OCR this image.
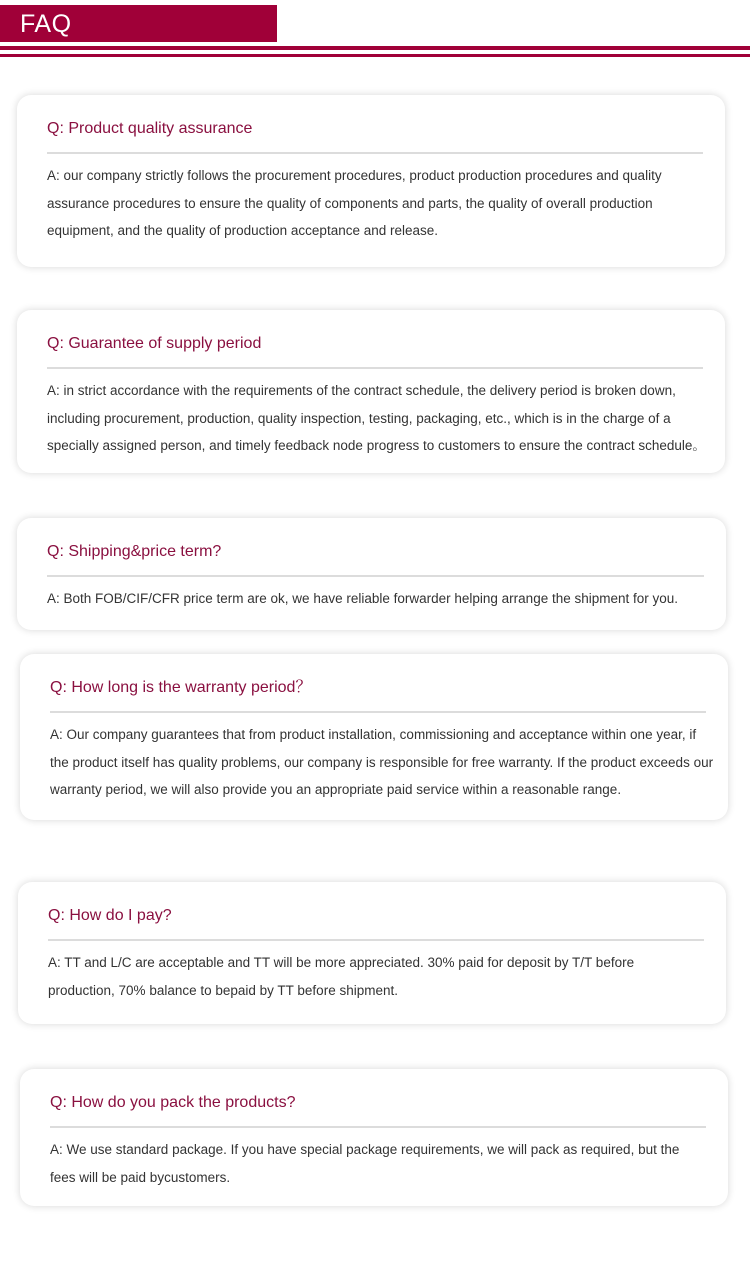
FAQ
Q: Product quality assurance
A: our company strictly follows the procurement procedures, product production procedures and quality assurance procedures to ensure the quality of components and parts, the quality of overall production equipment, and the quality of production acceptance and release.
Q: Guarantee of supply period
A: in strict accordance with the requirements of the contract schedule, the delivery period is broken down, including procurement, production, quality inspection, testing, packaging, etc., which is in the charge of a specially assigned person, and timely feedback node progress to customers to ensure the contract schedule。
Q: Shipping&price term?
A: Both FOB/CIF/CFR price term are ok, we have reliable forwarder helping arrange the shipment for you.
Q: How long is the warranty period？
A: Our company guarantees that from product installation, commissioning and acceptance within one year, if the product itself has quality problems, our company is responsible for free warranty. If the product exceeds our warranty period, we will also provide you an appropriate paid service within a reasonable range.
Q: How do I pay?
A: TT and L/C are acceptable and TT will be more appreciated. 30% paid for deposit by T/T before production, 70% balance to bepaid by TT before shipment.
Q: How do you pack the products?
A: We use standard package. If you have special package requirements, we will pack as required, but the fees will be paid bycustomers.
